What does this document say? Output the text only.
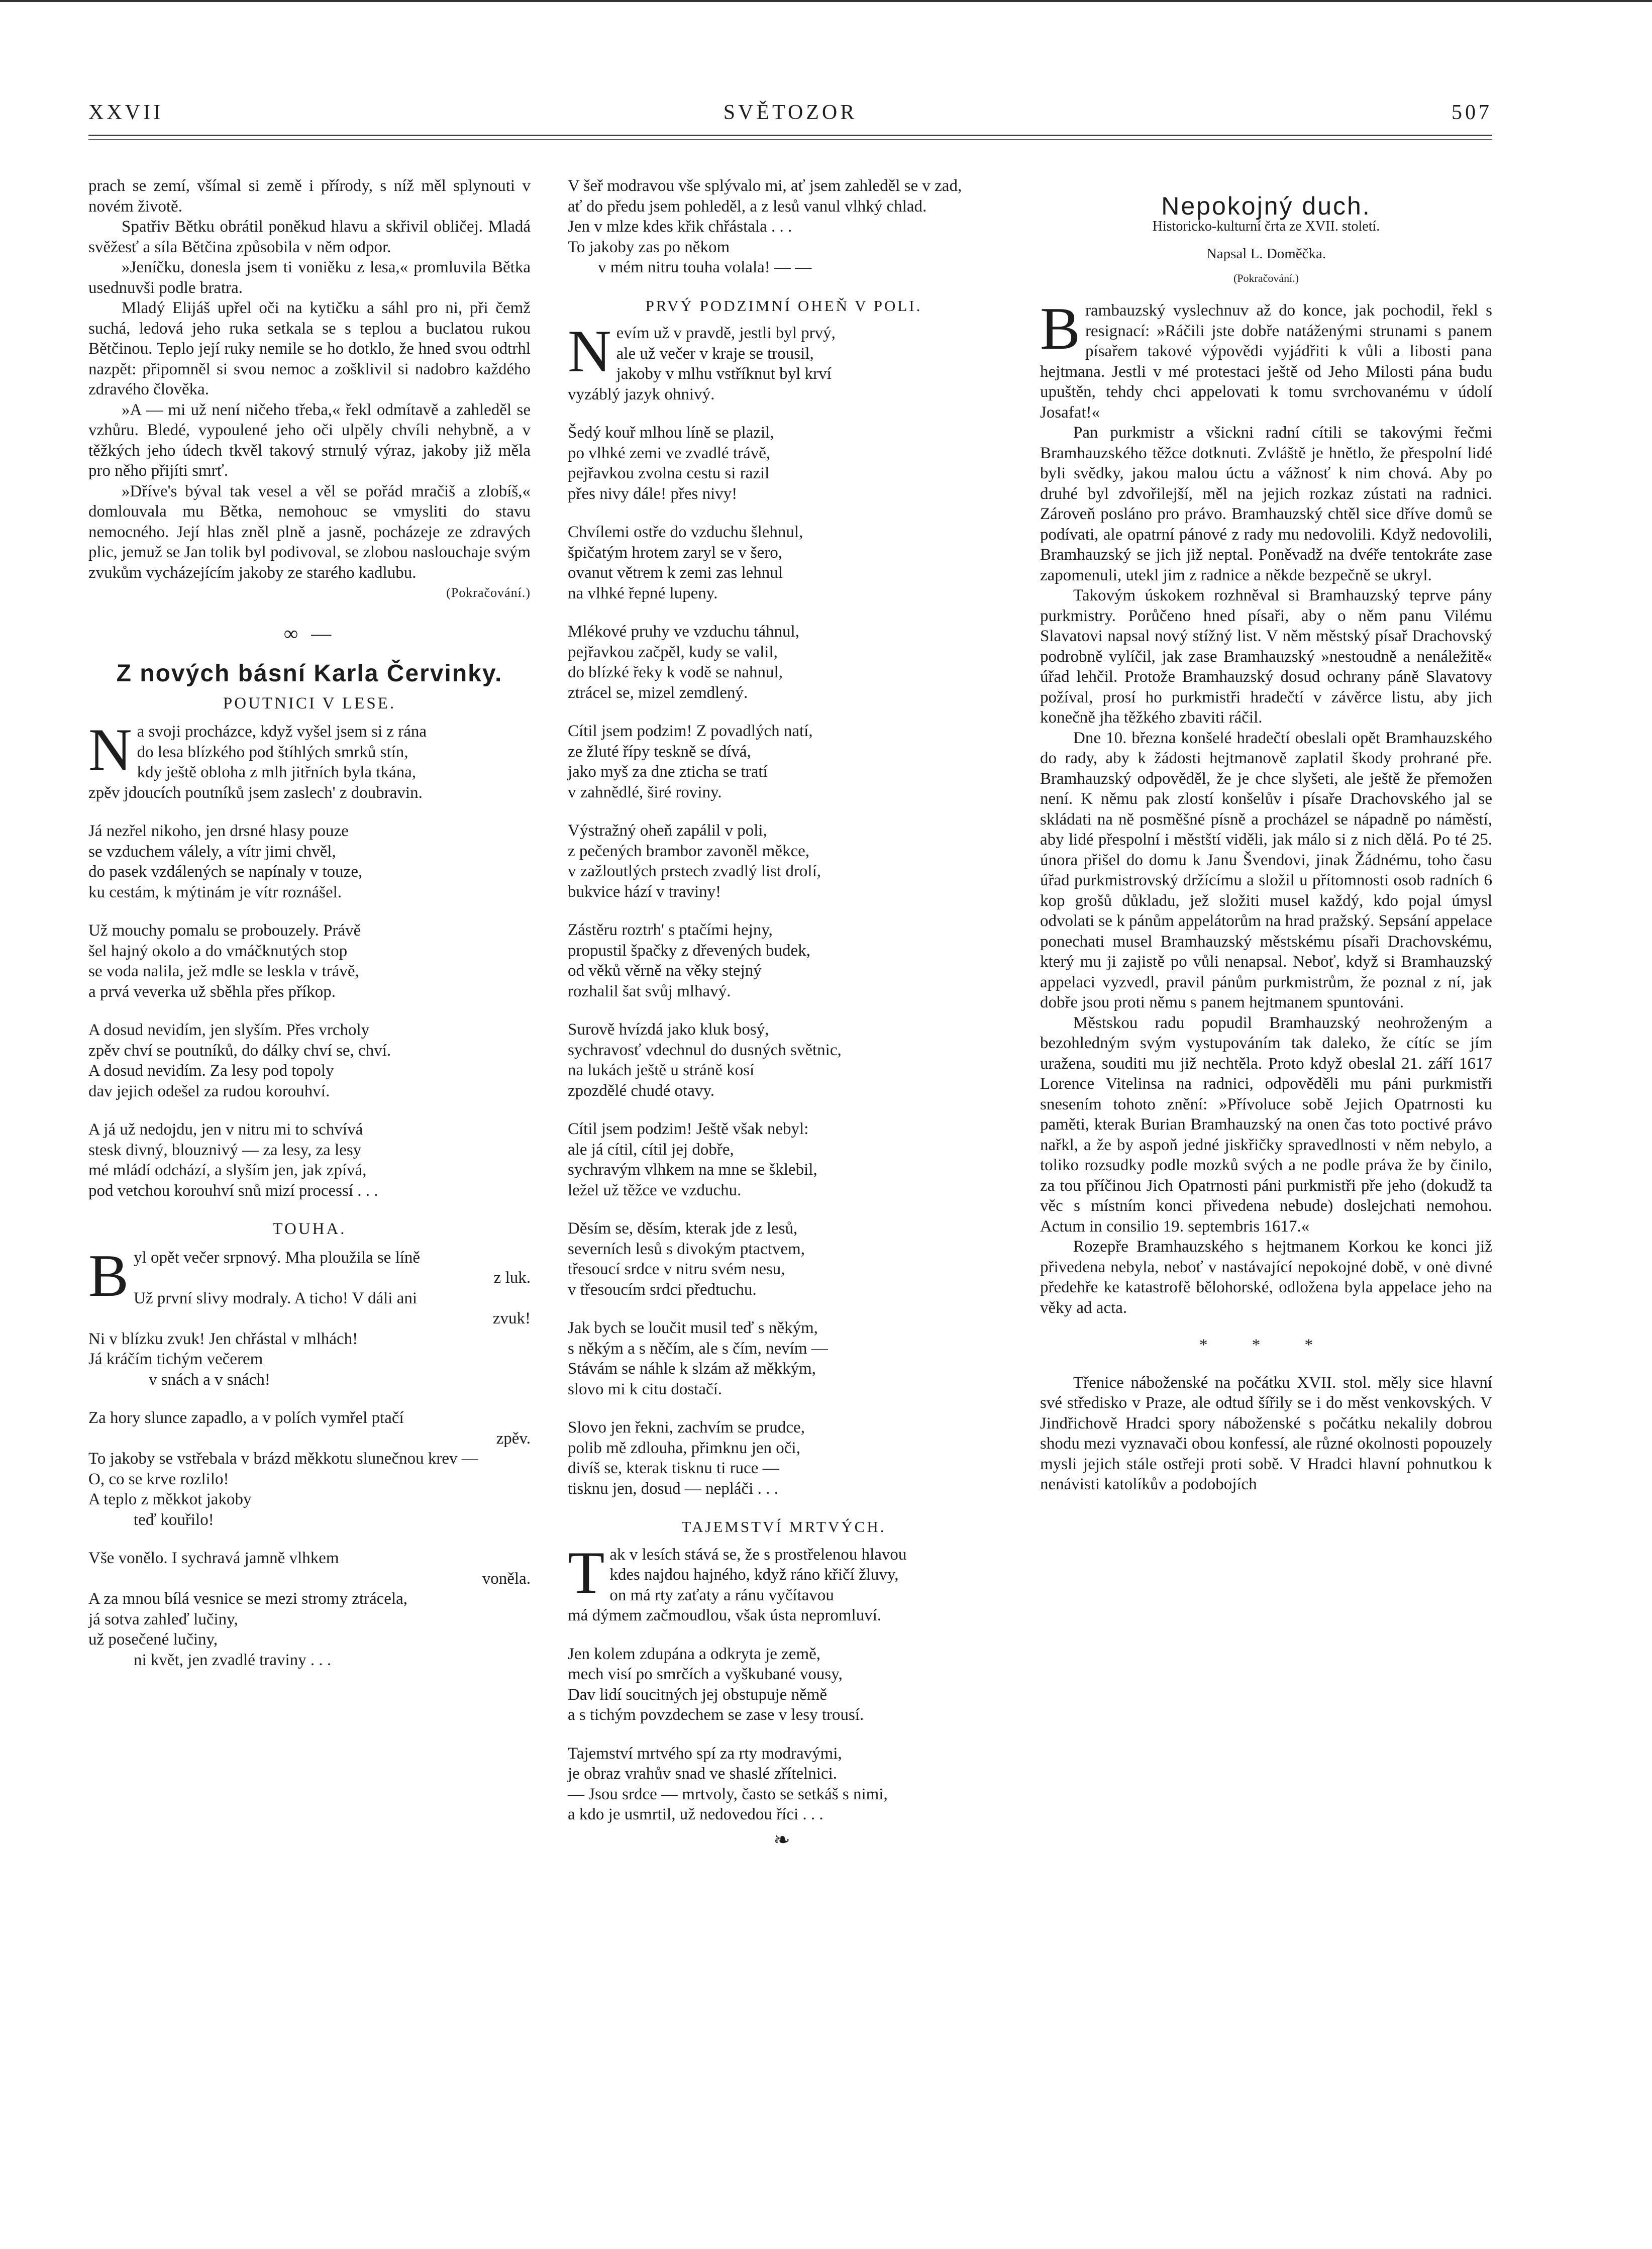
XXVII	SVĚTOZOR	507

prach se zemí, všímal si země i přírody, s níž měl splynouti v novém životě.

Spatřiv Bětku obrátil poněkud hlavu a skřivil obličej. Mladá svěžesť a síla Bětčina způsobila v něm odpor.

»Jeníčku, donesla jsem ti voniěku z lesa,« promluvila Bětka usednuvši podle bratra.

Mladý Elijáš upřel oči na kytičku a sáhl pro ni, při čemž suchá, ledová jeho ruka setkala se s teplou a buclatou rukou Bětčinou. Teplo její ruky nemile se ho dotklo, že hned svou odtrhl nazpět: připomněl si svou nemoc a zošklivil si nadobro každého zdravého člověka.

»A — mi už není ničeho třeba,« řekl odmítavě a zahleděl se vzhůru. Bledé, vypoulené jeho oči ulpěly chvíli nehybně, a v těžkých jeho údech tkvěl takový strnulý výraz, jakoby již měla pro něho přijíti smrť.

»Dříve's býval tak vesel a věl se pořád mračiš a zlobíš,« domlouvala mu Bětka, nemohouc se vmysliti do stavu nemocného. Její hlas zněl plně a jasně, pocházeje ze zdravých plic, jemuž se Jan tolik byl podivoval, se zlobou naslouchaje svým zvukům vycházejícím jakoby ze starého kadlubu.

(Pokračování.)

∞ —
Z nových básní Karla Červinky.
POUTNICI V LESE.
N a svoji procházce, když vyšel jsem si z rána

do lesa blízkého pod štíhlých smrků stín,

kdy ještě obloha z mlh jitřních byla tkána,

zpěv jdoucích poutníků jsem zaslech' z doubravin.

Já nezřel nikoho, jen drsné hlasy pouze

se vzduchem válely, a vítr jimi chvěl,

do pasek vzdálených se napínaly v touze,

ku cestám, k mýtinám je vítr roznášel.

Už mouchy pomalu se probouzely. Právě

šel hajný okolo a do vmáčknutých stop

se voda nalila, jež mdle se leskla v trávě,

a prvá veverka už sběhla přes příkop.

A dosud nevidím, jen slyším. Přes vrcholy

zpěv chví se poutníků, do dálky chví se, chví.

A dosud nevidím. Za lesy pod topoly

dav jejich odešel za rudou korouhví.

A já už nedojdu, jen v nitru mi to schvívá

stesk divný, blouznivý — za lesy, za lesy

mé mládí odchází, a slyším jen, jak zpívá,

pod vetchou korouhví snů mizí processí . . .

TOUHA.
B yl opět večer srpnový. Mha ploužila se líně

z luk.

Už první slivy modraly. A ticho! V dáli ani

zvuk!

Ni v blízku zvuk! Jen chřástal v mlhách!

Já kráčím tichým večerem

v snách a v snách!

Za hory slunce zapadlo, a v polích vymřel ptačí

zpěv.

To jakoby se vstřebala v brázd měkkotu slunečnou krev —

O, co se krve rozlilo!

A teplo z měkkot jakoby

teď kouřilo!

Vše vonělo. I sychravá jamně vlhkem

voněla.

A za mnou bílá vesnice se mezi stromy ztrácela,

já sotva zahleď lučiny,

už posečené lučiny,

ni květ, jen zvadlé traviny . . .

V šeř modravou vše splývalo mi, ať jsem zahleděl se v zad,

ať do předu jsem pohleděl, a z lesů vanul vlhký chlad.

Jen v mlze kdes křik chřástala . . .

To jakoby zas po někom

v mém nitru touha volala! — —

PRVÝ PODZIMNÍ OHEŇ V POLI.
N evím už v pravdě, jestli byl prvý,

ale už večer v kraje se trousil,

jakoby v mlhu vstříknut byl krví

vyzáblý jazyk ohnivý.

Šedý kouř mlhou líně se plazil,

po vlhké zemi ve zvadlé trávě,

pejřavkou zvolna cestu si razil

přes nivy dále! přes nivy!

Chvílemi ostře do vzduchu šlehnul,

špičatým hrotem zaryl se v šero,

ovanut větrem k zemi zas lehnul

na vlhké řepné lupeny.

Mlékové pruhy ve vzduchu táhnul,

pejřavkou začpěl, kudy se valil,

do blízké řeky k vodě se nahnul,

ztrácel se, mizel zemdlený.

Cítil jsem podzim! Z povadlých natí,

ze žluté řípy teskně se dívá,

jako myš za dne zticha se tratí

v zahnědlé, širé roviny.

Výstražný oheň zapálil v poli,

z pečených brambor zavoněl měkce,

v zažloutlých prstech zvadlý list drolí,

bukvice hází v traviny!

Zástěru roztrh' s ptačími hejny,

propustil špačky z dřevených budek,

od věků věrně na věky stejný

rozhalil šat svůj mlhavý.

Surově hvízdá jako kluk bosý,

sychravosť vdechnul do dusných světnic,

na lukách ještě u stráně kosí

zpozdělé chudé otavy.

Cítil jsem podzim! Ještě však nebyl:

ale já cítil, cítil jej dobře,

sychravým vlhkem na mne se šklebil,

ležel už těžce ve vzduchu.

Děsím se, děsím, kterak jde z lesů,

severních lesů s divokým ptactvem,

třesoucí srdce v nitru svém nesu,

v třesoucím srdci předtuchu.

Jak bych se loučit musil teď s někým,

s někým a s něčím, ale s čím, nevím —

Stávám se náhle k slzám až měkkým,

slovo mi k citu dostačí.

Slovo jen řekni, zachvím se prudce,

polib mě zdlouha, přimknu jen oči,

divíš se, kterak tisknu ti ruce —

tisknu jen, dosud — nepláči . . .

TAJEMSTVÍ MRTVÝCH.
T ak v lesích stává se, že s prostřelenou hlavou

kdes najdou hajného, když ráno křičí žluvy,

on má rty zaťaty a ránu vyčítavou

má dýmem začmoudlou, však ústa nepromluví.

Jen kolem zdupána a odkryta je země,

mech visí po smrčích a vyškubané vousy,

Dav lidí soucitných jej obstupuje němě

a s tichým povzdechem se zase v lesy trousí.

Tajemství mrtvého spí za rty modravými,

je obraz vrahův snad ve shaslé zřítelnici.

— Jsou srdce — mrtvoly, často se setkáš s nimi,

a kdo je usmrtil, už nedovedou říci . . .

❧
Nepokojný duch.
Historicko-kulturní črta ze XVII. století.
Napsal L. Doměčka.
(Pokračování.)

B rambauzský vyslechnuv až do konce, jak pochodil, řekl s resignací: »Ráčili jste dobře natáženými strunami s panem písařem takové výpovědi vyjádřiti k vůli a libosti pana hejtmana. Jestli v mé protestaci ještě od Jeho Milosti pána budu upuštěn, tehdy chci appelovati k tomu svrchovanému v údolí Josafat!«

Pan purkmistr a všickni radní cítili se takovými řečmi Bramhauzského těžce dotknuti. Zvláště je hnětlo, že přespolní lidé byli svědky, jakou malou úctu a vážnosť k nim chová. Aby po druhé byl zdvořilejší, měl na jejich rozkaz zústati na radnici. Zároveň posláno pro právo. Bramhauzský chtěl sice dříve domů se podívati, ale opatrní pánové z rady mu nedovolili. Když nedovolili, Bramhauzský se jich již neptal. Poněvadž na dvéře tentokráte zase zapomenuli, utekl jim z radnice a někde bezpečně se ukryl.

Takovým úskokem rozhněval si Bramhauzský teprve pány purkmistry. Porůčeno hned písaři, aby o něm panu Vilému Slavatovi napsal nový stížný list. V něm městský písař Drachovský podrobně vylíčil, jak zase Bramhauzský »nestoudně a nenáležitě« úřad lehčil. Protože Bramhauzský dosud ochrany páně Slavatovy požíval, prosí ho purkmistři hradečtí v závěrce listu, aby jich konečně jha těžkého zbaviti ráčil.

Dne 10. března konšelé hradečtí obeslali opět Bramhauzského do rady, aby k žádosti hejtmanově zaplatil škody prohrané pře. Bramhauzský odpověděl, že je chce slyšeti, ale ještě že přemožen není. K němu pak zlostí konšelův i písaře Drachovského jal se skládati na ně posměšné písně a procházel se nápadně po náměstí, aby lidé přespolní i městští viděli, jak málo si z nich dělá. Po té 25. února přišel do domu k Janu Švendovi, jinak Žádnému, toho času úřad purkmistrovský držícímu a složil u přítomnosti osob radních 6 kop grošů důkladu, jež složiti musel každý, kdo pojal úmysl odvolati se k pánům appelátorům na hrad pražský. Sepsání appelace ponechati musel Bramhauzský městskému písaři Drachovskému, který mu ji zajistě po vůli nenapsal. Neboť, když si Bramhauzský appelaci vyzvedl, pravil pánům purkmistrům, že poznal z ní, jak dobře jsou proti němu s panem hejtmanem spuntováni.

Městskou radu popudil Bramhauzský neohroženým a bezohledným svým vystupováním tak daleko, že cítíc se jím uražena, souditi mu již nechtěla. Proto když obeslal 21. září 1617 Lorence Vitelinsa na radnici, odpověděli mu páni purkmistři snesením tohoto znění: »Přívoluce sobě Jejich Opatrnosti ku paměti, kterak Burian Bramhauzský na onen čas toto poctivé právo nařkl, a že by aspoň jedné jiskřičky spravedlnosti v něm nebylo, a toliko rozsudky podle mozků svých a ne podle práva že by činilo, za tou příčinou Jich Opatrnosti páni purkmistři pře jeho (dokudž ta věc s místním konci přivedena nebude) doslejchati nemohou. Actum in consilio 19. septembris 1617.«

Rozepře Bramhauzského s hejtmanem Korkou ke konci již přivedena nebyla, neboť v nastávající nepokojné době, v onė divné předehře ke katastrofě bělohorské, odložena byla appelace jeho na věky ad acta.

* * *

Třenice náboženské na počátku XVII. stol. měly sice hlavní své středisko v Praze, ale odtud šířily se i do měst venkovských. V Jindřichově Hradci spory náboženské s počátku nekalily dobrou shodu mezi vyznavači obou konfessí, ale různé okolnosti popouzely mysli jejich stále ostřeji proti sobě. V Hradci hlavní pohnutkou k nenávisti katolíkův a podobojích
